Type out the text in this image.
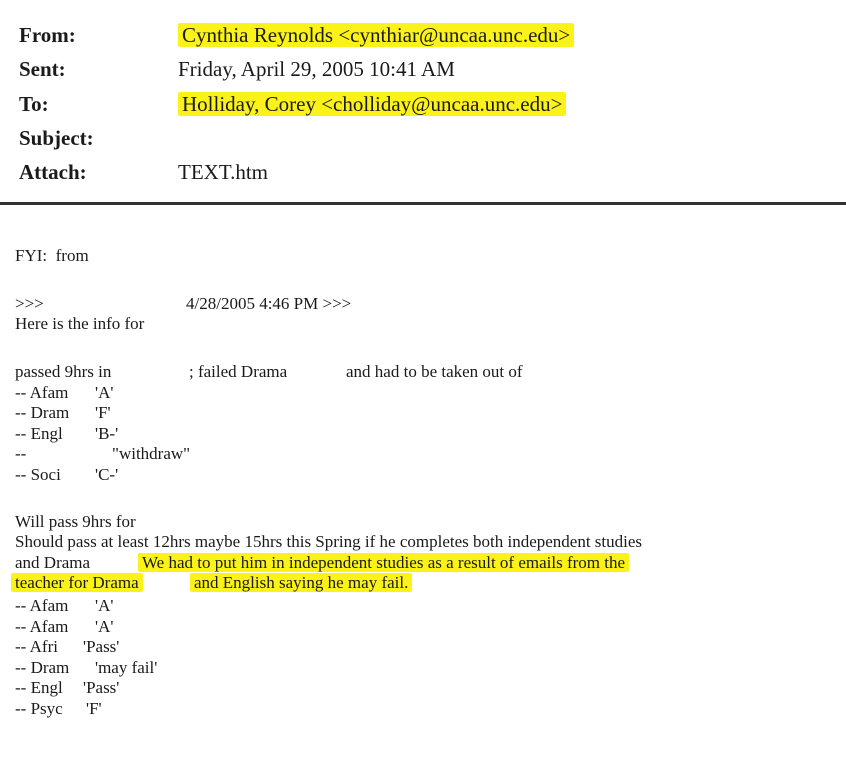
From:	Cynthia Reynolds <cynthiar@uncaa.unc.edu>
Sent:	Friday, April 29, 2005 10:41 AM
To:	Holliday, Corey <cholliday@uncaa.unc.edu>
Subject:
Attach:	TEXT.htm
FYI:  from
>>>	4/28/2005 4:46 PM >>>
Here is the info for
passed 9hrs in	; failed Drama	and had to be taken out of
-- Afam 'A'
-- Dram 'F'
-- Engl 'B-'
--	"withdraw"
-- Soci 'C-'
Will pass 9hrs for
Should pass at least 12hrs maybe 15hrs this Spring if he completes both independent studies
and Drama	We had to put him in independent studies as a result of emails from the
teacher for Drama	and English saying he may fail.
-- Afam 'A'
-- Afam 'A'
-- Afri 'Pass'
-- Dram 'may fail'
-- Engl 'Pass'
-- Psyc 'F'
